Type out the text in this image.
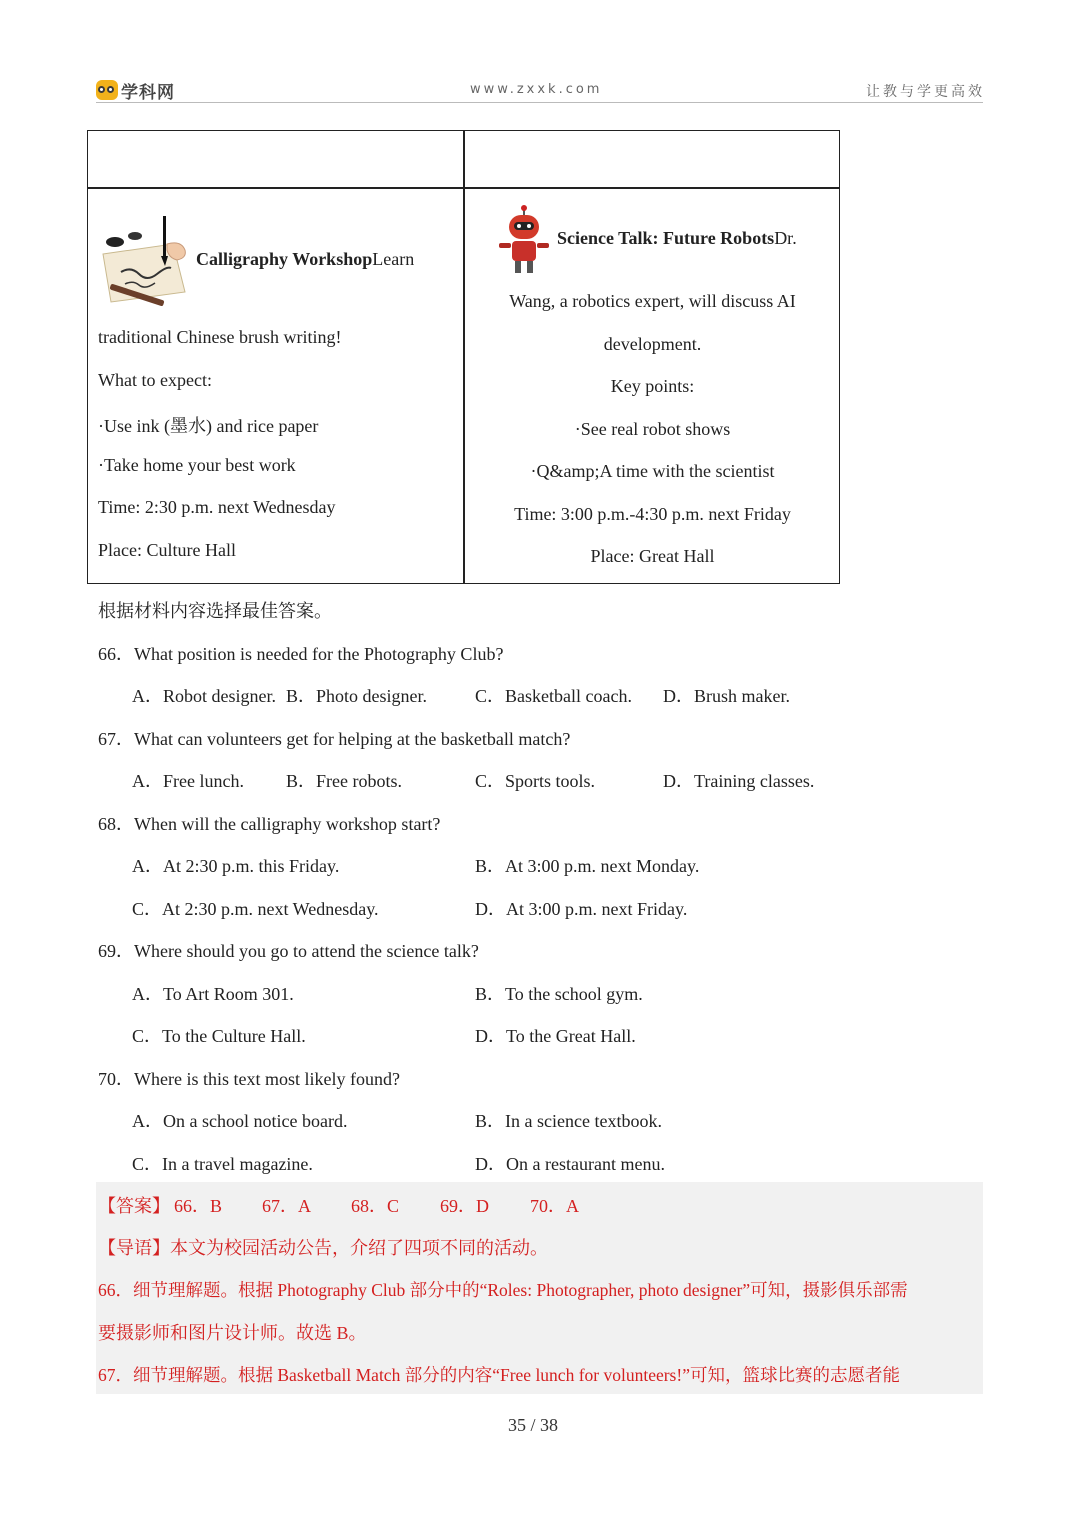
学科网	www.zxxk.com	让教与学更高效
Calligraphy WorkshopLearn
traditional Chinese brush writing!
What to expect:
·Use ink (墨水) and rice paper
·Take home your best work
Time: 2:30 p.m. next Wednesday
Place: Culture Hall
Science Talk: Future RobotsDr.
Wang, a robotics expert, will discuss AI
development.
Key points:
·See real robot shows
·Q&amp;A time with the scientist
Time: 3:00 p.m.-4:30 p.m. next Friday
Place: Great Hall
根据材料内容选择最佳答案。
66．What position is needed for the Photography Club?
A．Robot designer. B．Photo designer.	C．Basketball coach. D．Brush maker.
67．What can volunteers get for helping at the basketball match?
A．Free lunch. B．Free robots.	C．Sports tools.	D．Training classes.
68．When will the calligraphy workshop start?
A．At 2:30 p.m. this Friday.	B．At 3:00 p.m. next Monday.
C．At 2:30 p.m. next Wednesday.	D．At 3:00 p.m. next Friday.
69．Where should you go to attend the science talk?
A．To Art Room 301.	B．To the school gym.
C．To the Culture Hall.	D．To the Great Hall.
70．Where is this text most likely found?
A．On a school notice board.	B．In a science textbook.
C．In a travel magazine.	D．On a restaurant menu.
【答案】 66．B 67．A 68．C 69．D 70．A
【导语】本文为校园活动公告，介绍了四项不同的活动。
66．细节理解题。根据 Photography Club 部分中的“Roles: Photographer, photo designer”可知，摄影俱乐部需
要摄影师和图片设计师。故选 B。
67．细节理解题。根据 Basketball Match 部分的内容“Free lunch for volunteers!”可知，篮球比赛的志愿者能
35 / 38
